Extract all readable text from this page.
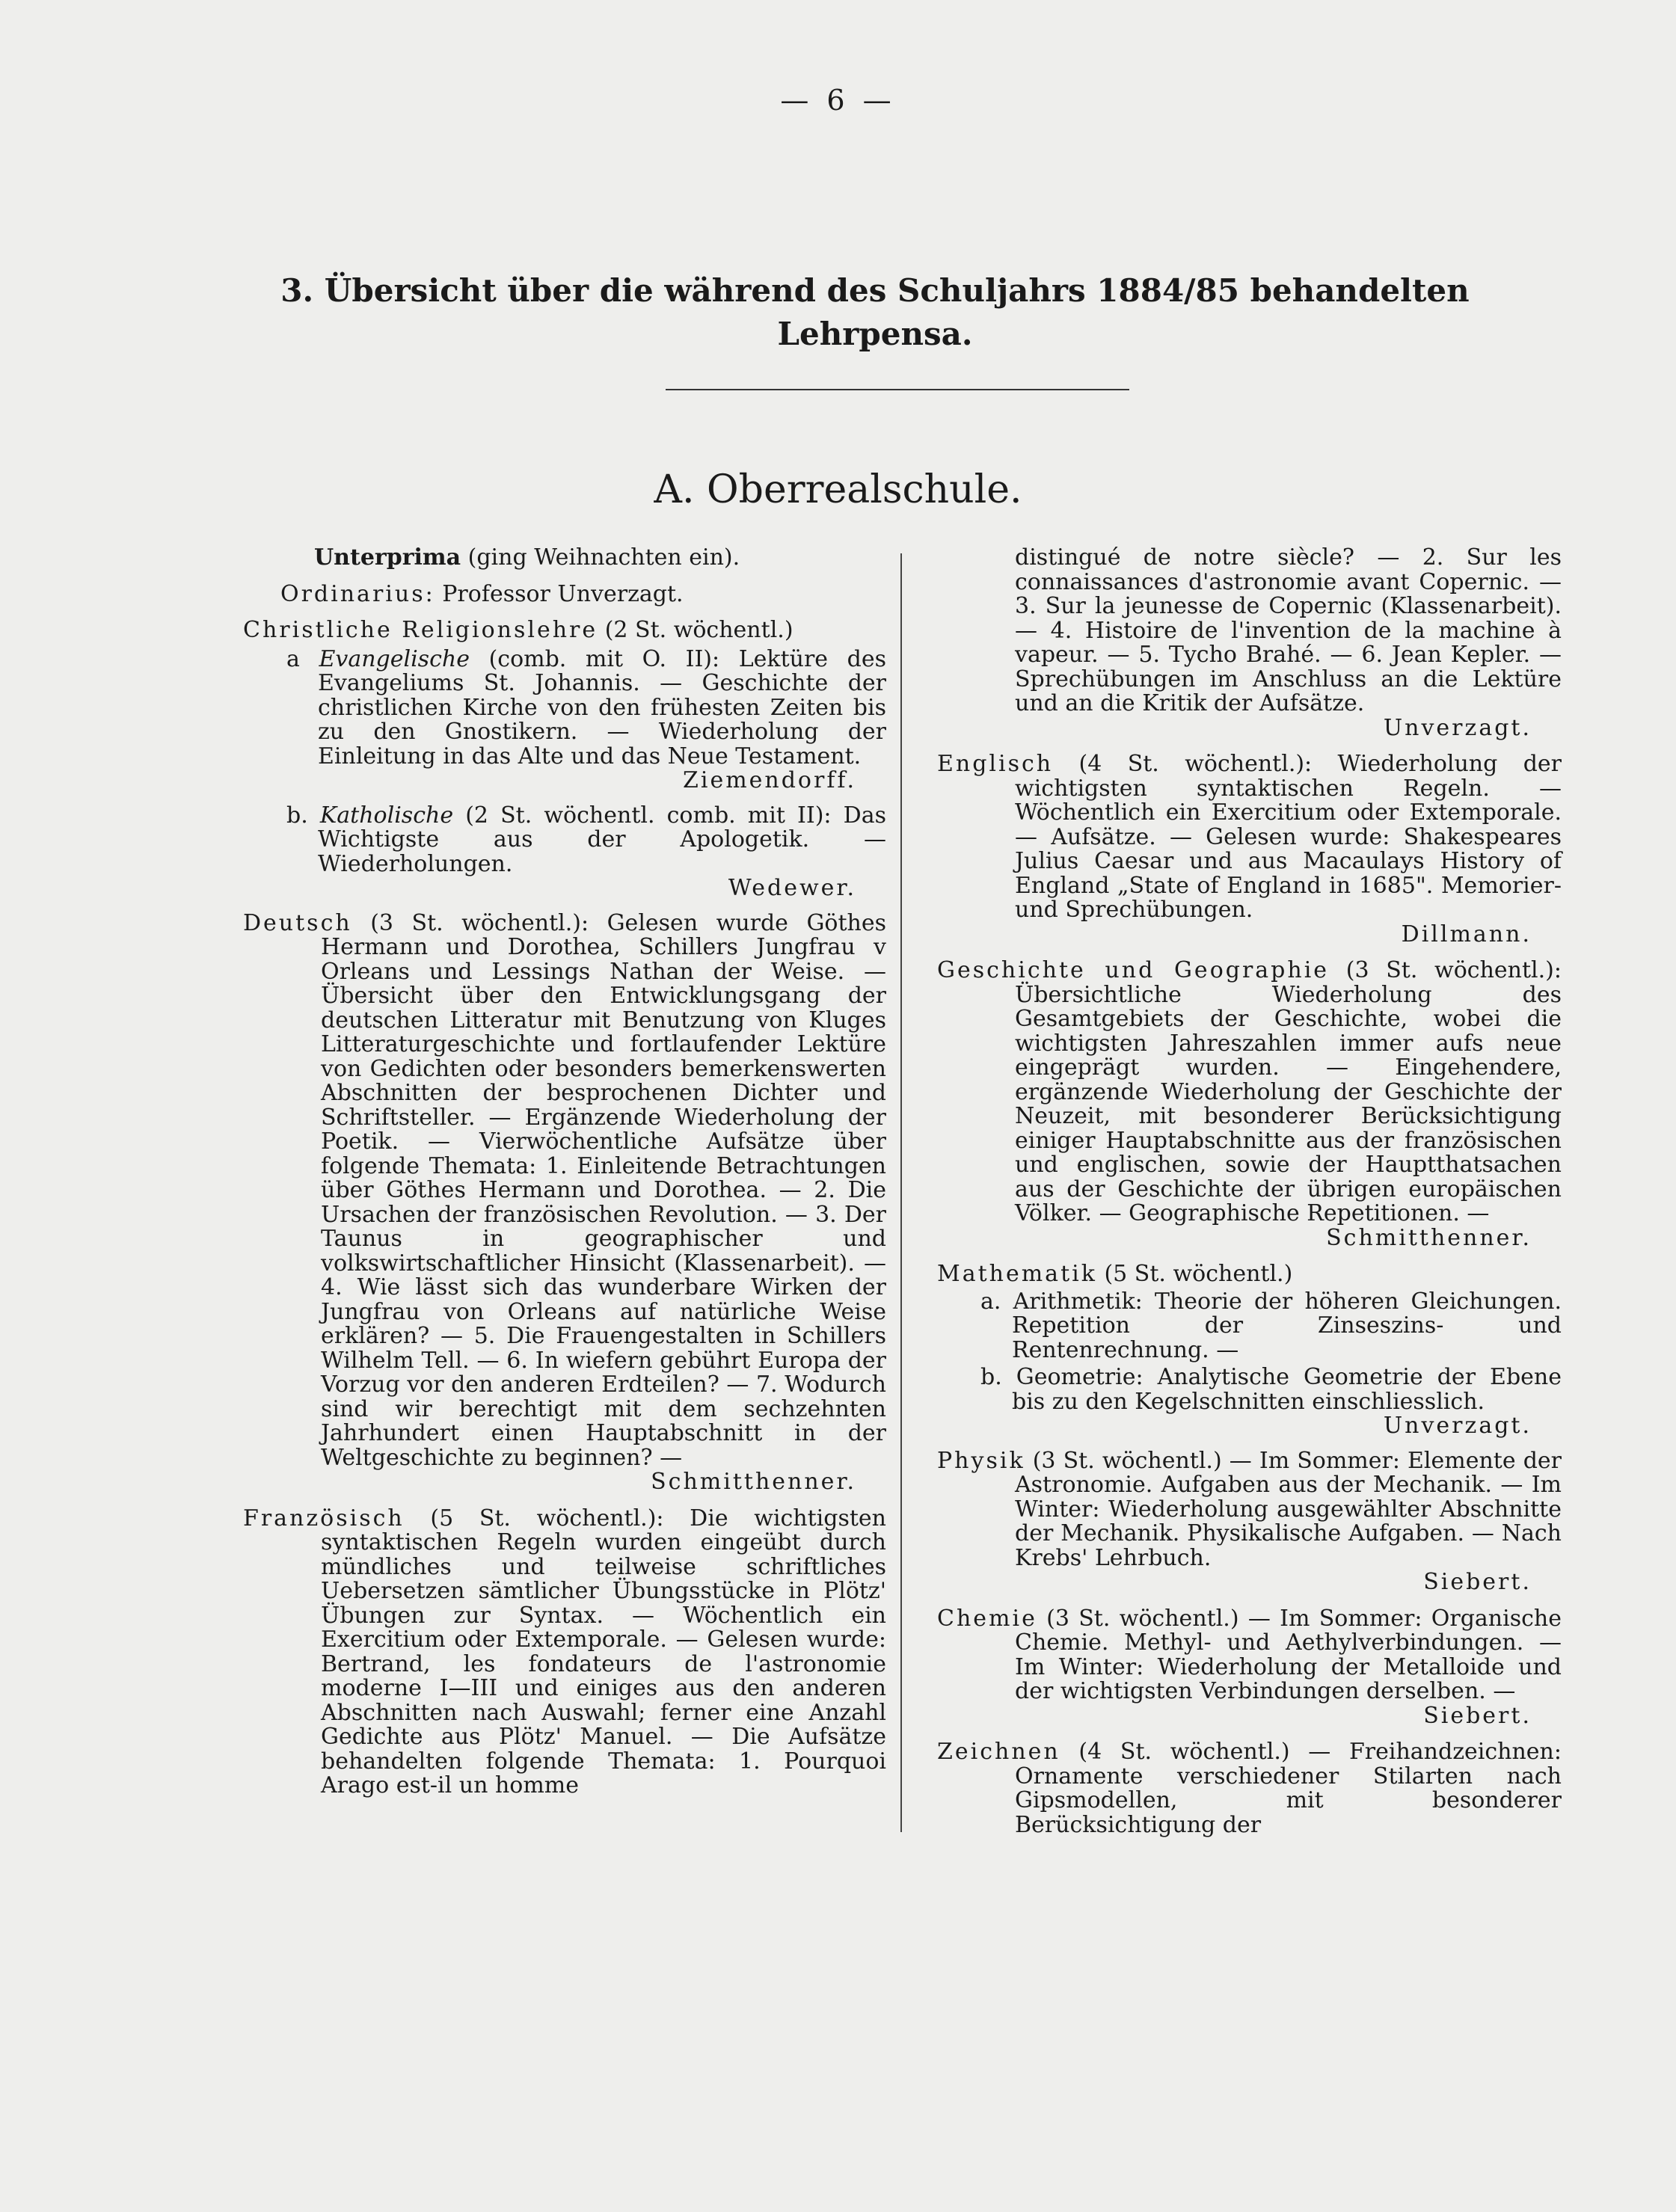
— 6 —
3. Übersicht über die während des Schuljahrs 1884/85 behandelten Lehrpensa.
A. Oberrealschule.
Unterprima (ging Weihnachten ein).
Ordinarius: Professor Unverzagt.
Christliche Religionslehre (2 St. wöchentl.)
a Evangelische (comb. mit O. II): Lektüre des Evangeliums St. Johannis. — Geschichte der christlichen Kirche von den frühesten Zeiten bis zu den Gnostikern. — Wiederholung der Einleitung in das Alte und das Neue Testament.
Ziemendorff.
b. Katholische (2 St. wöchentl. comb. mit II): Das Wichtigste aus der Apologetik. — Wiederholungen.
Wedewer.
Deutsch (3 St. wöchentl.): Gelesen wurde Göthes Hermann und Dorothea, Schillers Jungfrau v Orleans und Lessings Nathan der Weise. — Übersicht über den Entwicklungsgang der deutschen Litteratur mit Benutzung von Kluges Litteraturgeschichte und fortlaufender Lektüre von Gedichten oder besonders bemerkenswerten Abschnitten der besprochenen Dichter und Schriftsteller. — Ergänzende Wiederholung der Poetik. — Vierwöchentliche Aufsätze über folgende Themata: 1. Einleitende Betrachtungen über Göthes Hermann und Dorothea. — 2. Die Ursachen der französischen Revolution. — 3. Der Taunus in geographischer und volkswirtschaftlicher Hinsicht (Klassenarbeit). — 4. Wie lässt sich das wunderbare Wirken der Jungfrau von Orleans auf natürliche Weise erklären? — 5. Die Frauengestalten in Schillers Wilhelm Tell. — 6. In wiefern gebührt Europa der Vorzug vor den anderen Erdteilen? — 7. Wodurch sind wir berechtigt mit dem sechzehnten Jahrhundert einen Hauptabschnitt in der Weltgeschichte zu beginnen? —
Schmitthenner.
Französisch (5 St. wöchentl.): Die wichtigsten syntaktischen Regeln wurden eingeübt durch mündliches und teilweise schriftliches Uebersetzen sämtlicher Übungsstücke in Plötz' Übungen zur Syntax. — Wöchentlich ein Exercitium oder Extemporale. — Gelesen wurde: Bertrand, les fondateurs de l'astronomie moderne I—III und einiges aus den anderen Abschnitten nach Auswahl; ferner eine Anzahl Gedichte aus Plötz' Manuel. — Die Aufsätze behandelten folgende Themata: 1. Pourquoi Arago est-il un homme
distingué de notre siècle? — 2. Sur les connaissances d'astronomie avant Copernic. — 3. Sur la jeunesse de Copernic (Klassenarbeit). — 4. Histoire de l'invention de la machine à vapeur. — 5. Tycho Brahé. — 6. Jean Kepler. — Sprechübungen im Anschluss an die Lektüre und an die Kritik der Aufsätze.
Unverzagt.
Englisch (4 St. wöchentl.): Wiederholung der wichtigsten syntaktischen Regeln. — Wöchentlich ein Exercitium oder Extemporale. — Aufsätze. — Gelesen wurde: Shakespeares Julius Caesar und aus Macaulays History of England „State of England in 1685". Memorier- und Sprechübungen.
Dillmann.
Geschichte und Geographie (3 St. wöchentl.): Übersichtliche Wiederholung des Gesamtgebiets der Geschichte, wobei die wichtigsten Jahreszahlen immer aufs neue eingeprägt wurden. — Eingehendere, ergänzende Wiederholung der Geschichte der Neuzeit, mit besonderer Berücksichtigung einiger Hauptabschnitte aus der französischen und englischen, sowie der Hauptthatsachen aus der Geschichte der übrigen europäischen Völker. — Geographische Repetitionen. —
Schmitthenner.
Mathematik (5 St. wöchentl.)
a. Arithmetik: Theorie der höheren Gleichungen. Repetition der Zinseszins- und Rentenrechnung. —
b. Geometrie: Analytische Geometrie der Ebene bis zu den Kegelschnitten einschliesslich.
Unverzagt.
Physik (3 St. wöchentl.) — Im Sommer: Elemente der Astronomie. Aufgaben aus der Mechanik. — Im Winter: Wiederholung ausgewählter Abschnitte der Mechanik. Physikalische Aufgaben. — Nach Krebs' Lehrbuch.
Siebert.
Chemie (3 St. wöchentl.) — Im Sommer: Organische Chemie. Methyl- und Aethylverbindungen. — Im Winter: Wiederholung der Metalloide und der wichtigsten Verbindungen derselben. —
Siebert.
Zeichnen (4 St. wöchentl.) — Freihandzeichnen: Ornamente verschiedener Stilarten nach Gipsmodellen, mit besonderer Berücksichtigung der
